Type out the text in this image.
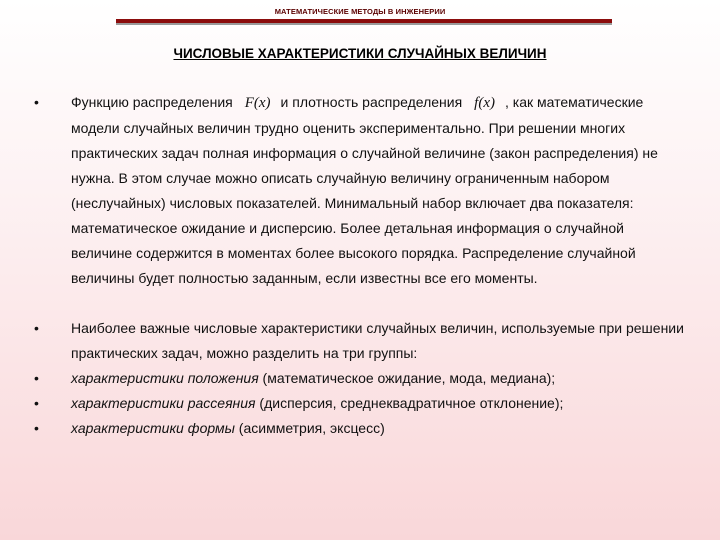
МАТЕМАТИЧЕСКИЕ МЕТОДЫ В ИНЖЕНЕРИИ
ЧИСЛОВЫЕ ХАРАКТЕРИСТИКИ СЛУЧАЙНЫХ ВЕЛИЧИН
•	Функцию распределения F(x) и плотность распределения f(x) , как математические модели случайных величин трудно оценить экспериментально. При решении многих практических задач полная информация о случайной величине (закон распределения) не нужна. В этом случае можно описать случайную величину ограниченным набором (неслучайных) числовых показателей. Минимальный набор включает два показателя: математическое ожидание и дисперсию. Более детальная информация о случайной величине содержится в моментах более высокого порядка. Распределение случайной величины будет полностью заданным, если известны все его моменты.
•	Наиболее важные числовые характеристики случайных величин, используемые при решении практических задач, можно разделить на три группы:
•	характеристики положения (математическое ожидание, мода, медиана);
•	характеристики рассеяния (дисперсия, среднеквадратичное отклонение);
•	характеристики формы (асимметрия, эксцесс)
